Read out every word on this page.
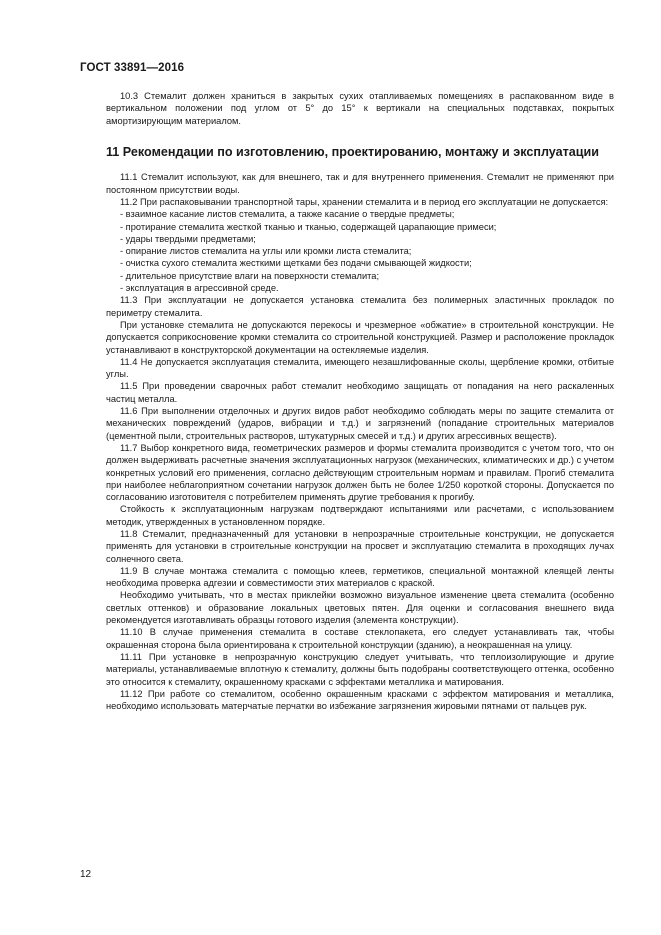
ГОСТ 33891—2016

10.3 Стемалит должен храниться в закрытых сухих отапливаемых помещениях в распакованном виде в вертикальном положении под углом от 5° до 15° к вертикали на специальных подставках, покрытых амортизирующим материалом.

11 Рекомендации по изготовлению, проектированию, монтажу и эксплуатации

11.1 Стемалит используют, как для внешнего, так и для внутреннего применения. Стемалит не применяют при постоянном присутствии воды.

11.2 При распаковывании транспортной тары, хранении стемалита и в период его эксплуатации не допускается:

- взаимное касание листов стемалита, а также касание о твердые предметы;

- протирание стемалита жесткой тканью и тканью, содержащей царапающие примеси;

- удары твердыми предметами;

- опирание листов стемалита на углы или кромки листа стемалита;

- очистка сухого стемалита жесткими щетками без подачи смывающей жидкости;

- длительное присутствие влаги на поверхности стемалита;

- эксплуатация в агрессивной среде.

11.3 При эксплуатации не допускается установка стемалита без полимерных эластичных прокладок по периметру стемалита.

При установке стемалита не допускаются перекосы и чрезмерное «обжатие» в строительной конструкции. Не допускается соприкосновение кромки стемалита со строительной конструкцией. Размер и расположение прокладок устанавливают в конструкторской документации на остекляемые изделия.

11.4 Не допускается эксплуатация стемалита, имеющего незашлифованные сколы, щербление кромки, отбитые углы.

11.5 При проведении сварочных работ стемалит необходимо защищать от попадания на него раскаленных частиц металла.

11.6 При выполнении отделочных и других видов работ необходимо соблюдать меры по защите стемалита от механических повреждений (ударов, вибрации и т.д.) и загрязнений (попадание строительных материалов (цементной пыли, строительных растворов, штукатурных смесей и т.д.) и других агрессивных веществ).

11.7 Выбор конкретного вида, геометрических размеров и формы стемалита производится с учетом того, что он должен выдерживать расчетные значения эксплуатационных нагрузок (механических, климатических и др.) с учетом конкретных условий его применения, согласно действующим строительным нормам и правилам. Прогиб стемалита при наиболее неблагоприятном сочетании нагрузок должен быть не более 1/250 короткой стороны. Допускается по согласованию изготовителя с потребителем применять другие требования к прогибу.

Стойкость к эксплуатационным нагрузкам подтверждают испытаниями или расчетами, с использованием методик, утвержденных в установленном порядке.

11.8 Стемалит, предназначенный для установки в непрозрачные строительные конструкции, не допускается применять для установки в строительные конструкции на просвет и эксплуатацию стемалита в проходящих лучах солнечного света.

11.9 В случае монтажа стемалита с помощью клеев, герметиков, специальной монтажной клеящей ленты необходима проверка адгезии и совместимости этих материалов с краской.

Необходимо учитывать, что в местах приклейки возможно визуальное изменение цвета стемалита (особенно светлых оттенков) и образование локальных цветовых пятен. Для оценки и согласования внешнего вида рекомендуется изготавливать образцы готового изделия (элемента конструкции).

11.10 В случае применения стемалита в составе стеклопакета, его следует устанавливать так, чтобы окрашенная сторона была ориентирована к строительной конструкции (зданию), а неокрашенная на улицу.

11.11 При установке в непрозрачную конструкцию следует учитывать, что теплоизолирующие и другие материалы, устанавливаемые вплотную к стемалиту, должны быть подобраны соответствующего оттенка, особенно это относится к стемалиту, окрашенному красками с эффектами металлика и матирования.

11.12 При работе со стемалитом, особенно окрашенным красками с эффектом матирования и металлика, необходимо использовать матерчатые перчатки во избежание загрязнения жировыми пятнами от пальцев рук.

12
